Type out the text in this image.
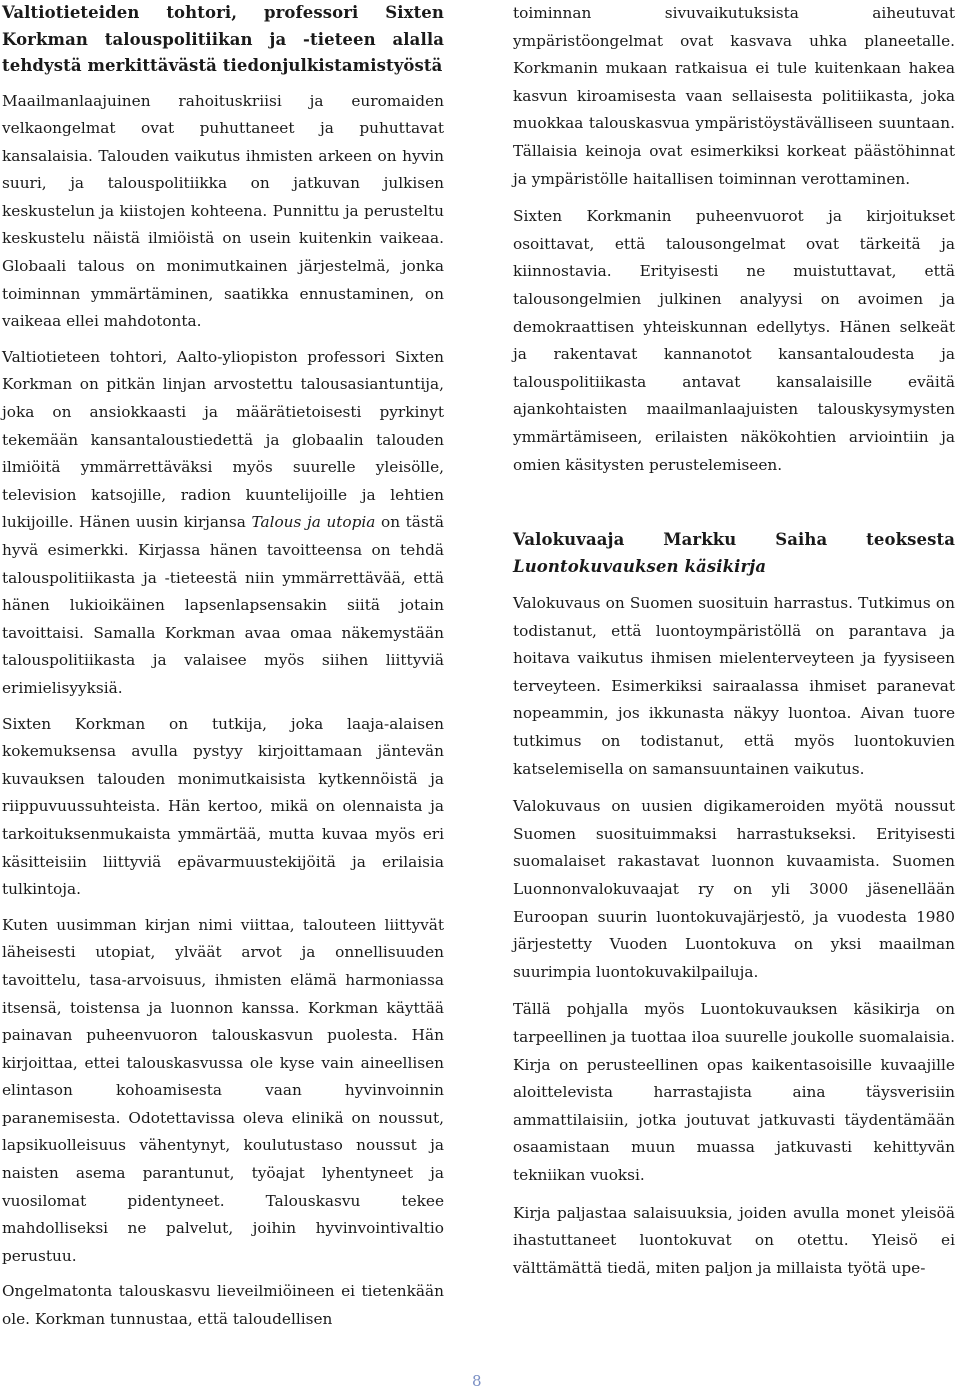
Valtiotieteiden tohtori, professori Sixten Korkman talouspolitiikan ja -tieteen alalla tehdystä merkittävästä tiedonjulkistamistyöstä

Maailmanlaajuinen rahoituskriisi ja euromaiden velkaongelmat ovat puhuttaneet ja puhuttavat kansalaisia. Talouden vaikutus ihmisten arkeen on hyvin suuri, ja talouspolitiikka on jatkuvan julkisen keskustelun ja kiistojen kohteena. Punnittu ja perusteltu keskustelu näistä ilmiöistä on usein kuitenkin vaikeaa. Globaali talous on monimutkainen järjestelmä, jonka toiminnan ymmärtäminen, saatikka ennustaminen, on vaikeaa ellei mahdotonta.

Valtiotieteen tohtori, Aalto-yliopiston professori Sixten Korkman on pitkän linjan arvostettu talousasiantuntija, joka on ansiokkaasti ja määrätietoisesti pyrkinyt tekemään kansantaloustiedettä ja globaalin talouden ilmiöitä ymmärrettäväksi myös suurelle yleisölle, television katsojille, radion kuuntelijoille ja lehtien lukijoille. Hänen uusin kirjansa Talous ja utopia on tästä hyvä esimerkki. Kirjassa hänen tavoitteensa on tehdä talouspolitiikasta ja -tieteestä niin ymmärrettävää, että hänen lukioikäinen lapsenlapsensakin siitä jotain tavoittaisi. Samalla Korkman avaa omaa näkemystään talouspolitiikasta ja valaisee myös siihen liittyviä erimielisyyksiä.

Sixten Korkman on tutkija, joka laaja-alaisen kokemuksensa avulla pystyy kirjoittamaan jäntevän kuvauksen talouden monimutkaisista kytkennöistä ja riippuvuussuhteista. Hän kertoo, mikä on olennaista ja tarkoituksenmukaista ymmärtää, mutta kuvaa myös eri käsitteisiin liittyviä epävarmuustekijöitä ja erilaisia tulkintoja.

Kuten uusimman kirjan nimi viittaa, talouteen liittyvät läheisesti utopiat, ylväät arvot ja onnellisuuden tavoittelu, tasa-arvoisuus, ihmisten elämä harmoniassa itsensä, toistensa ja luonnon kanssa. Korkman käyttää painavan puheenvuoron talouskasvun puolesta. Hän kirjoittaa, ettei talouskasvussa ole kyse vain aineellisen elintason kohoamisesta vaan hyvinvoinnin paranemisesta. Odotettavissa oleva elinikä on noussut, lapsikuolleisuus vähentynyt, koulutustaso noussut ja naisten asema parantunut, työajat lyhentyneet ja vuosilomat pidentyneet. Talouskasvu tekee mahdolliseksi ne palvelut, joihin hyvinvointivaltio perustuu.

Ongelmatonta talouskasvu lieveilmiöineen ei tietenkään ole. Korkman tunnustaa, että taloudellisen

toiminnan sivuvaikutuksista aiheutuvat ympäristöongelmat ovat kasvava uhka planeetalle. Korkmanin mukaan ratkaisua ei tule kuitenkaan hakea kasvun kiroamisesta vaan sellaisesta politiikasta, joka muokkaa talouskasvua ympäristöystävälliseen suuntaan. Tällaisia keinoja ovat esimerkiksi korkeat päästöhinnat ja ympäristölle haitallisen toiminnan verottaminen.

Sixten Korkmanin puheenvuorot ja kirjoitukset osoittavat, että talousongelmat ovat tärkeitä ja kiinnostavia. Erityisesti ne muistuttavat, että talousongelmien julkinen analyysi on avoimen ja demokraattisen yhteiskunnan edellytys. Hänen selkeät ja rakentavat kannanotot kansantaloudesta ja talouspolitiikasta antavat kansalaisille eväitä ajankohtaisten maailmanlaajuisten talouskysymysten ymmärtämiseen, erilaisten näkökohtien arviointiin ja omien käsitysten perustelemiseen.

Valokuvaaja Markku Saiha teoksesta Luontokuvauksen käsikirja

Valokuvaus on Suomen suosituin harrastus. Tutkimus on todistanut, että luontoympäristöllä on parantava ja hoitava vaikutus ihmisen mielenterveyteen ja fyysiseen terveyteen. Esimerkiksi sairaalassa ihmiset paranevat nopeammin, jos ikkunasta näkyy luontoa. Aivan tuore tutkimus on todistanut, että myös luontokuvien katselemisella on samansuuntainen vaikutus.

Valokuvaus on uusien digikameroiden myötä noussut Suomen suosituimmaksi harrastukseksi. Erityisesti suomalaiset rakastavat luonnon kuvaamista. Suomen Luonnonvalokuvaajat ry on yli 3000 jäsenellään Euroopan suurin luontokuvajärjestö, ja vuodesta 1980 järjestetty Vuoden Luontokuva on yksi maailman suurimpia luontokuvakilpailuja.

Tällä pohjalla myös Luontokuvauksen käsikirja on tarpeellinen ja tuottaa iloa suurelle joukolle suomalaisia. Kirja on perusteellinen opas kaikentasoisille kuvaajille aloittelevista harrastajista aina täysverisiin ammattilaisiin, jotka joutuvat jatkuvasti täydentämään osaamistaan muun muassa jatkuvasti kehittyvän tekniikan vuoksi.

Kirja paljastaa salaisuuksia, joiden avulla monet yleisöä ihastuttaneet luontokuvat on otettu. Yleisö ei välttämättä tiedä, miten paljon ja millaista työtä upe-

8
